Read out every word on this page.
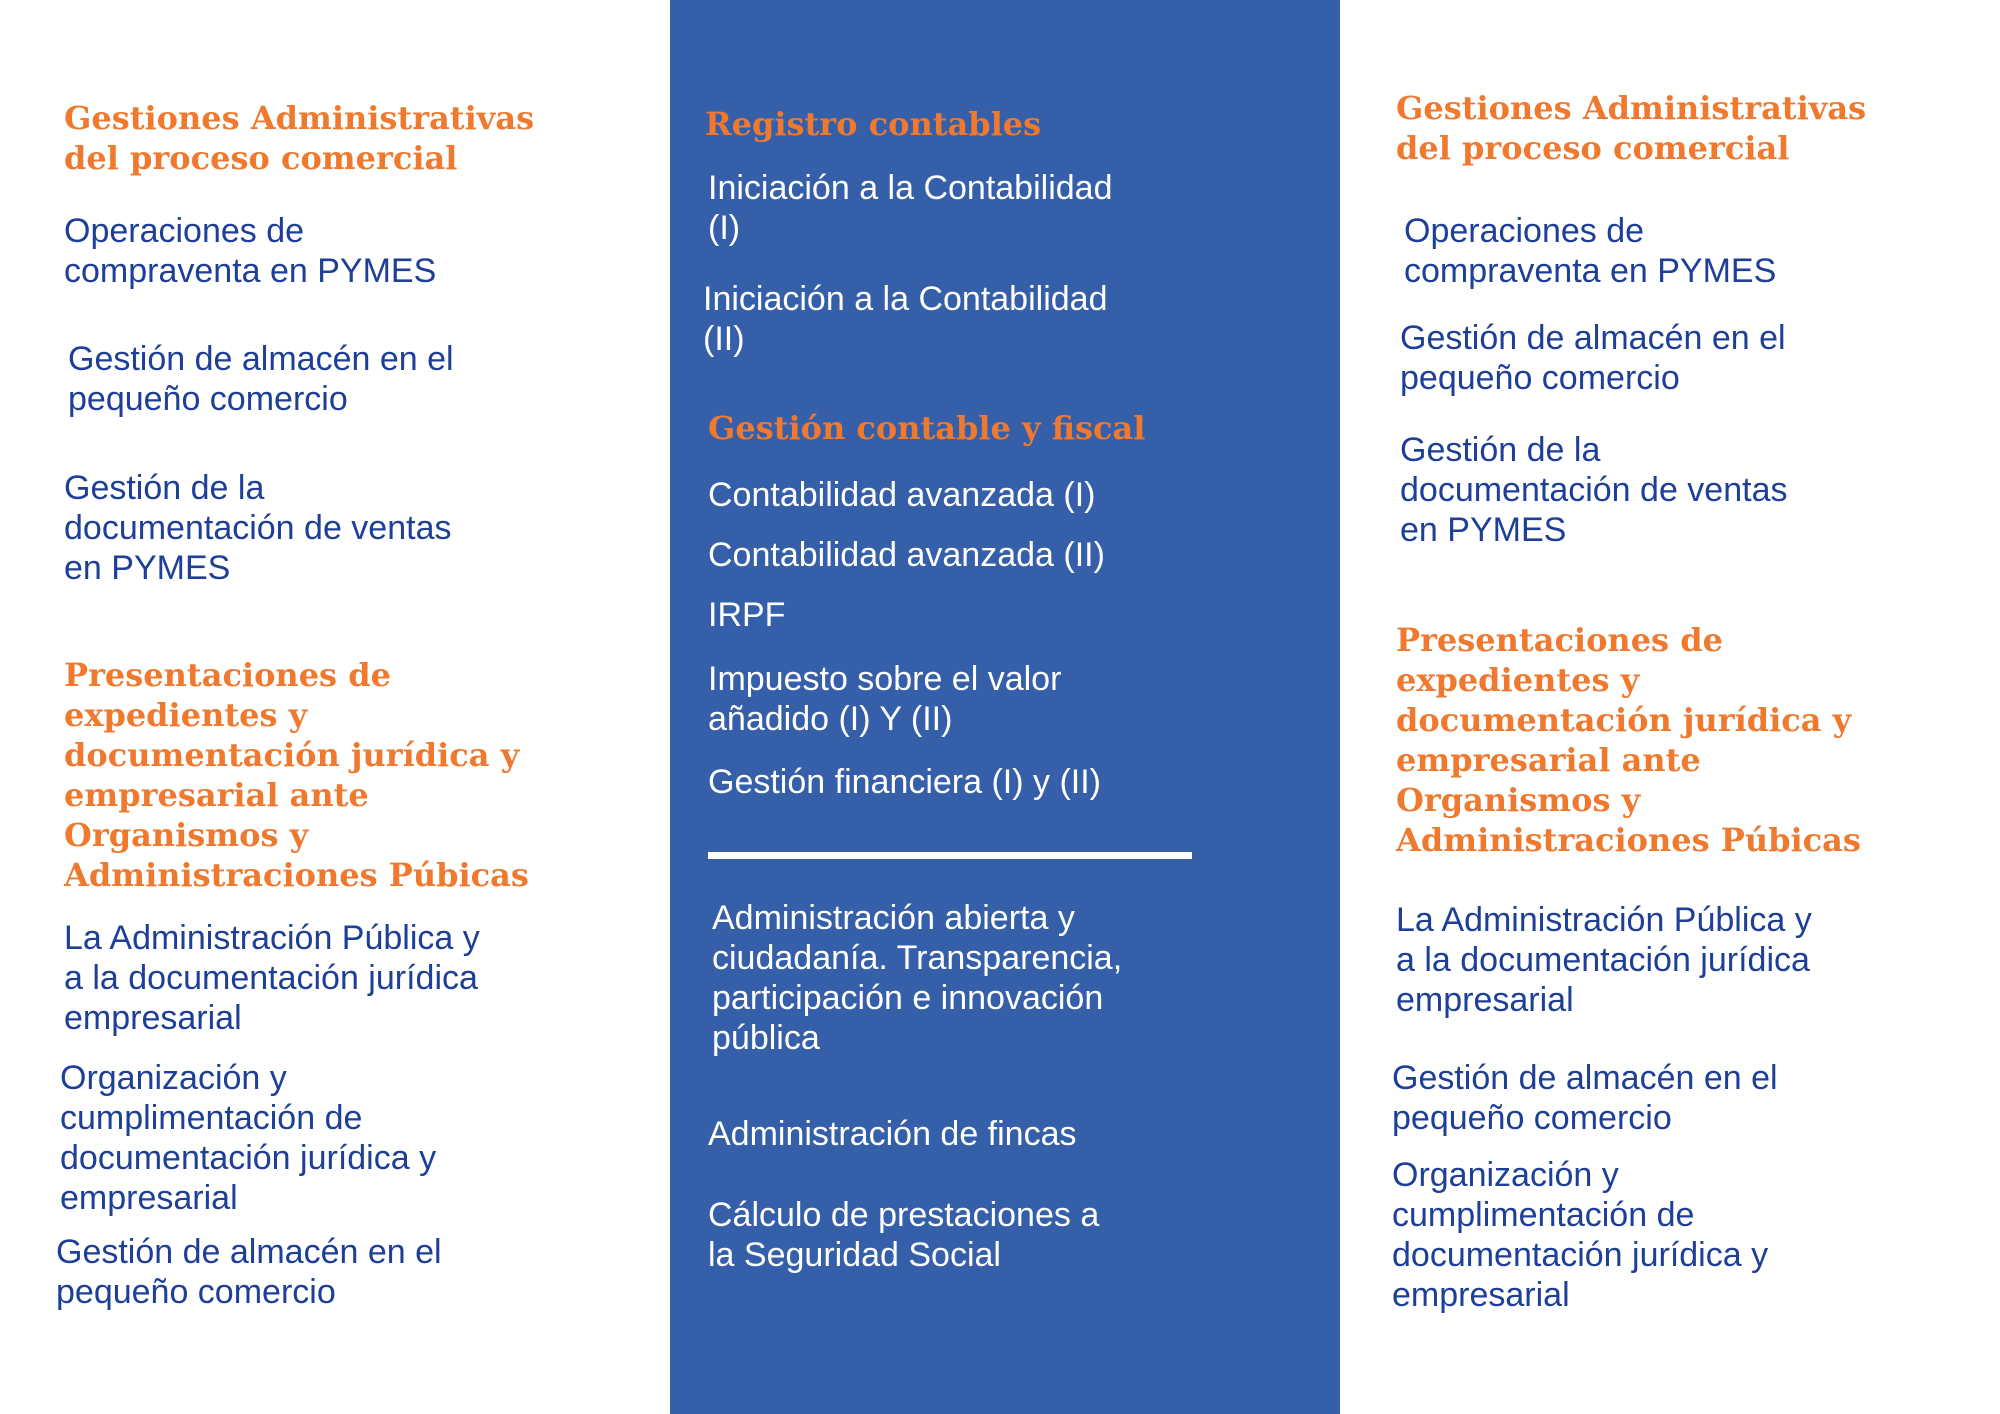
Gestiones Administrativas
del proceso comercial
Operaciones de
compraventa en PYMES
Gestión de almacén en el
pequeño comercio
Gestión de la
documentación de ventas
en PYMES
Presentaciones de
expedientes y
documentación jurídica y
empresarial ante
Organismos y
Administraciones Púbicas
La Administración Pública y
a la documentación jurídica
empresarial
Organización y
cumplimentación de
documentación jurídica y
empresarial
Gestión de almacén en el
pequeño comercio
Registro contables
Iniciación a la Contabilidad
(I)
Iniciación a la Contabilidad
(II)
Gestión contable y fiscal
Contabilidad avanzada (I)
Contabilidad avanzada (II)
IRPF
Impuesto sobre el valor
añadido (I) Y (II)
Gestión financiera (I) y (II)
Administración abierta y
ciudadanía. Transparencia,
participación e innovación
pública
Administración de fincas
Cálculo de prestaciones a
la Seguridad Social
Gestiones Administrativas
del proceso comercial
Operaciones de
compraventa en PYMES
Gestión de almacén en el
pequeño comercio
Gestión de la
documentación de ventas
en PYMES
Presentaciones de
expedientes y
documentación jurídica y
empresarial ante
Organismos y
Administraciones Púbicas
La Administración Pública y
a la documentación jurídica
empresarial
Gestión de almacén en el
pequeño comercio
Organización y
cumplimentación de
documentación jurídica y
empresarial
